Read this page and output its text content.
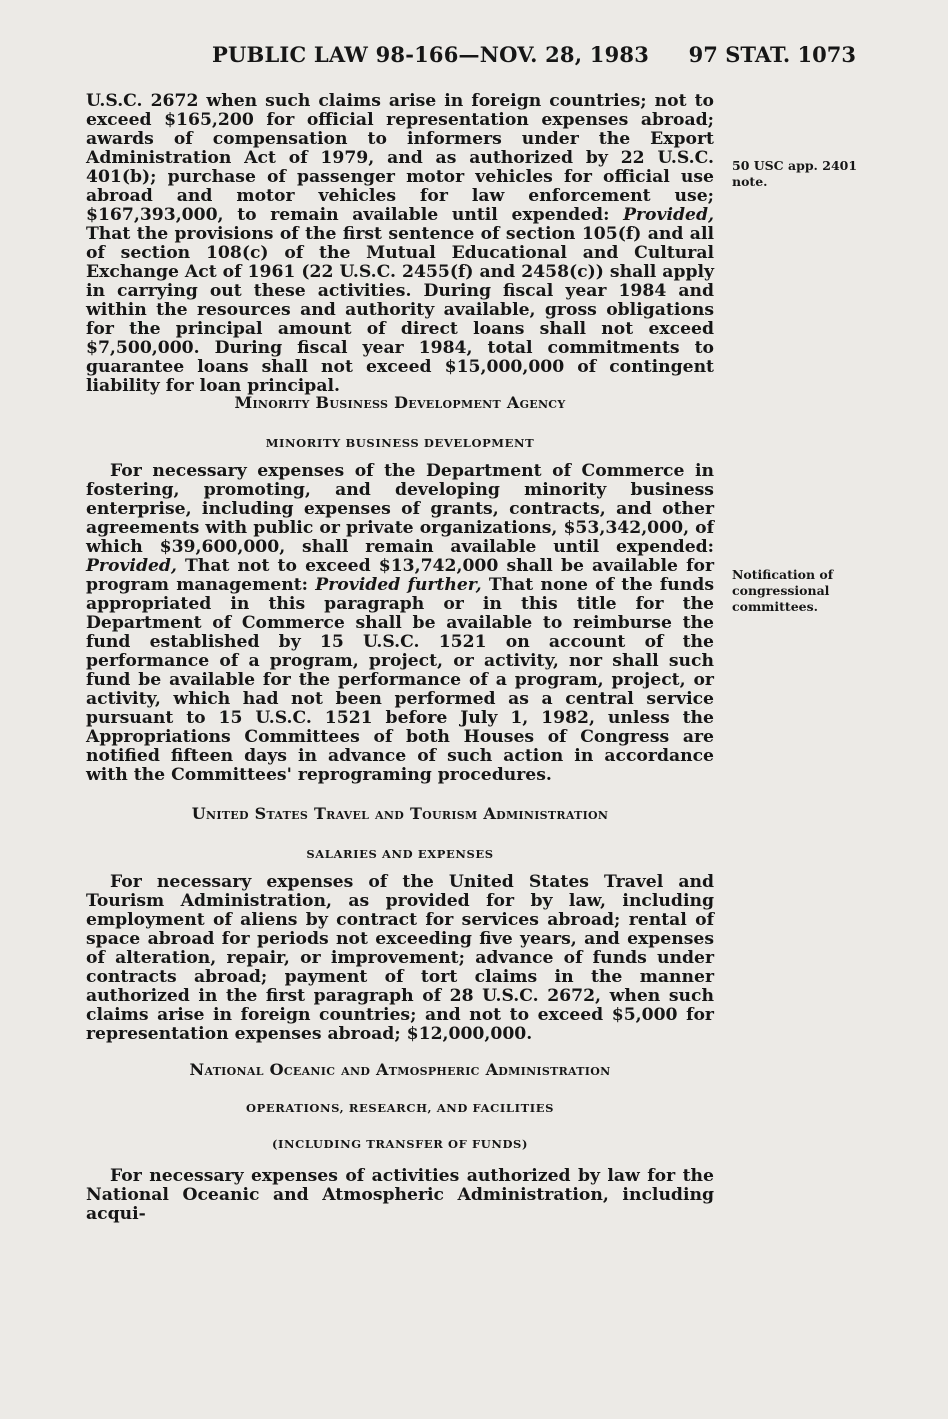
PUBLIC LAW 98-166—NOV. 28, 1983 97 STAT. 1073

U.S.C. 2672 when such claims arise in foreign countries; not to exceed $165,200 for official representation expenses abroad; awards of compensation to informers under the Export Administration Act of 1979, and as authorized by 22 U.S.C. 401(b); purchase of passenger motor vehicles for official use abroad and motor vehicles for law enforcement use; $167,393,000, to remain available until expended: Provided, That the provisions of the first sentence of section 105(f) and all of section 108(c) of the Mutual Educational and Cultural Exchange Act of 1961 (22 U.S.C. 2455(f) and 2458(c)) shall apply in carrying out these activities. During fiscal year 1984 and within the resources and authority available, gross obligations for the principal amount of direct loans shall not exceed $7,500,000. During fiscal year 1984, total commitments to guarantee loans shall not exceed $15,000,000 of contingent liability for loan principal.

50 USC app. 2401 note.
Minority Business Development Agency
MINORITY BUSINESS DEVELOPMENT

For necessary expenses of the Department of Commerce in fostering, promoting, and developing minority business enterprise, including expenses of grants, contracts, and other agreements with public or private organizations, $53,342,000, of which $39,600,000, shall remain available until expended: Provided, That not to exceed $13,742,000 shall be available for program management: Provided further, That none of the funds appropriated in this paragraph or in this title for the Department of Commerce shall be available to reimburse the fund established by 15 U.S.C. 1521 on account of the performance of a program, project, or activity, nor shall such fund be available for the performance of a program, project, or activity, which had not been performed as a central service pursuant to 15 U.S.C. 1521 before July 1, 1982, unless the Appropriations Committees of both Houses of Congress are notified fifteen days in advance of such action in accordance with the Committees' reprograming procedures.

Notification of congressional committees.
United States Travel and Tourism Administration
SALARIES AND EXPENSES

For necessary expenses of the United States Travel and Tourism Administration, as provided for by law, including employment of aliens by contract for services abroad; rental of space abroad for periods not exceeding five years, and expenses of alteration, repair, or improvement; advance of funds under contracts abroad; payment of tort claims in the manner authorized in the first paragraph of 28 U.S.C. 2672, when such claims arise in foreign countries; and not to exceed $5,000 for representation expenses abroad; $12,000,000.

National Oceanic and Atmospheric Administration
OPERATIONS, RESEARCH, AND FACILITIES
(INCLUDING TRANSFER OF FUNDS)

For necessary expenses of activities authorized by law for the National Oceanic and Atmospheric Administration, including acqui-
